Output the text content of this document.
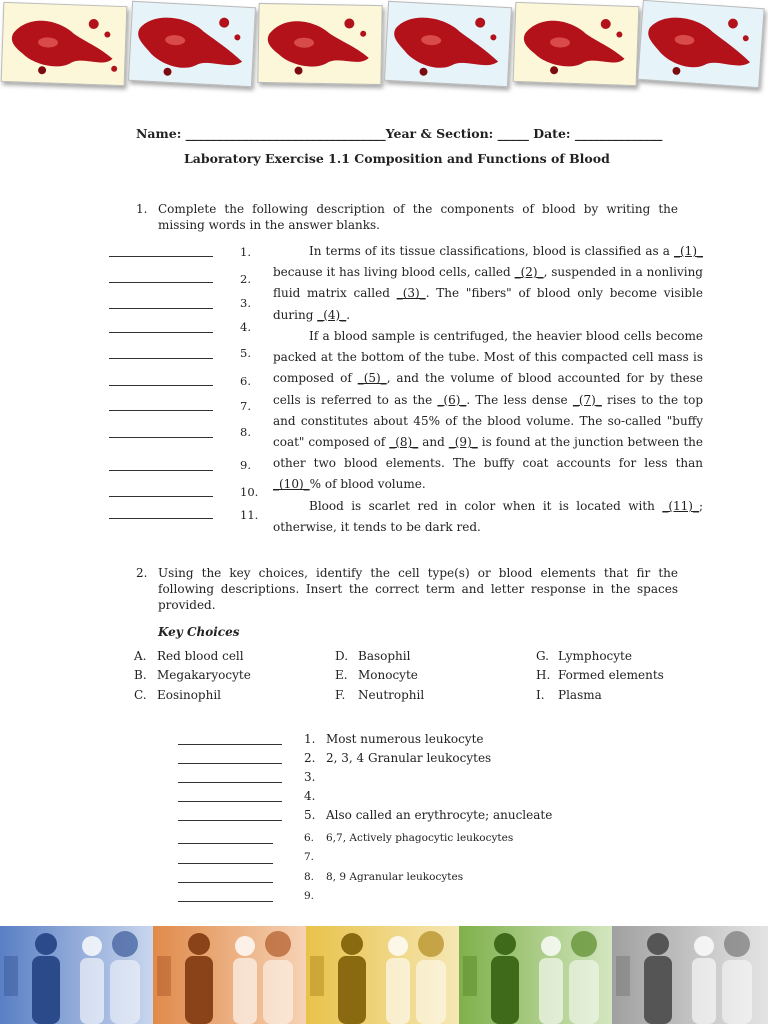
Name: ________________________________Year & Section: _____ Date: ______________
Laboratory Exercise 1.1 Composition and Functions of Blood
1. Complete the following description of the components of blood by writing the missing words in the answer blanks.
1.
2.
3.
4.
5.
6.
7.
8.
9.
10.
11.
In terms of its tissue classifications, blood is classified as a _(1)_ because it has living blood cells, called _(2)_, suspended in a nonliving fluid matrix called _(3)_. The "fibers" of blood only become visible during _(4)_.
If a blood sample is centrifuged, the heavier blood cells become packed at the bottom of the tube. Most of this compacted cell mass is composed of _(5)_, and the volume of blood accounted for by these cells is referred to as the _(6)_. The less dense _(7)_ rises to the top and constitutes about 45% of the blood volume. The so-called "buffy coat" composed of _(8)_ and _(9)_ is found at the junction between the other two blood elements. The buffy coat accounts for less than _(10)_% of blood volume.
Blood is scarlet red in color when it is located with _(11)_; otherwise, it tends to be dark red.
2. Using the key choices, identify the cell type(s) or blood elements that fir the following descriptions. Insert the correct term and letter response in the spaces provided.
Key Choices
A. Red blood cell
B. Megakaryocyte
C. Eosinophil
D. Basophil
E. Monocyte
F. Neutrophil
G. Lymphocyte
H. Formed elements
I. Plasma
1. Most numerous leukocyte
2. 2, 3, 4 Granular leukocytes
3.
4.
5. Also called an erythrocyte; anucleate
6. 6,7, Actively phagocytic leukocytes
7.
8. 8, 9 Agranular leukocytes
9.
